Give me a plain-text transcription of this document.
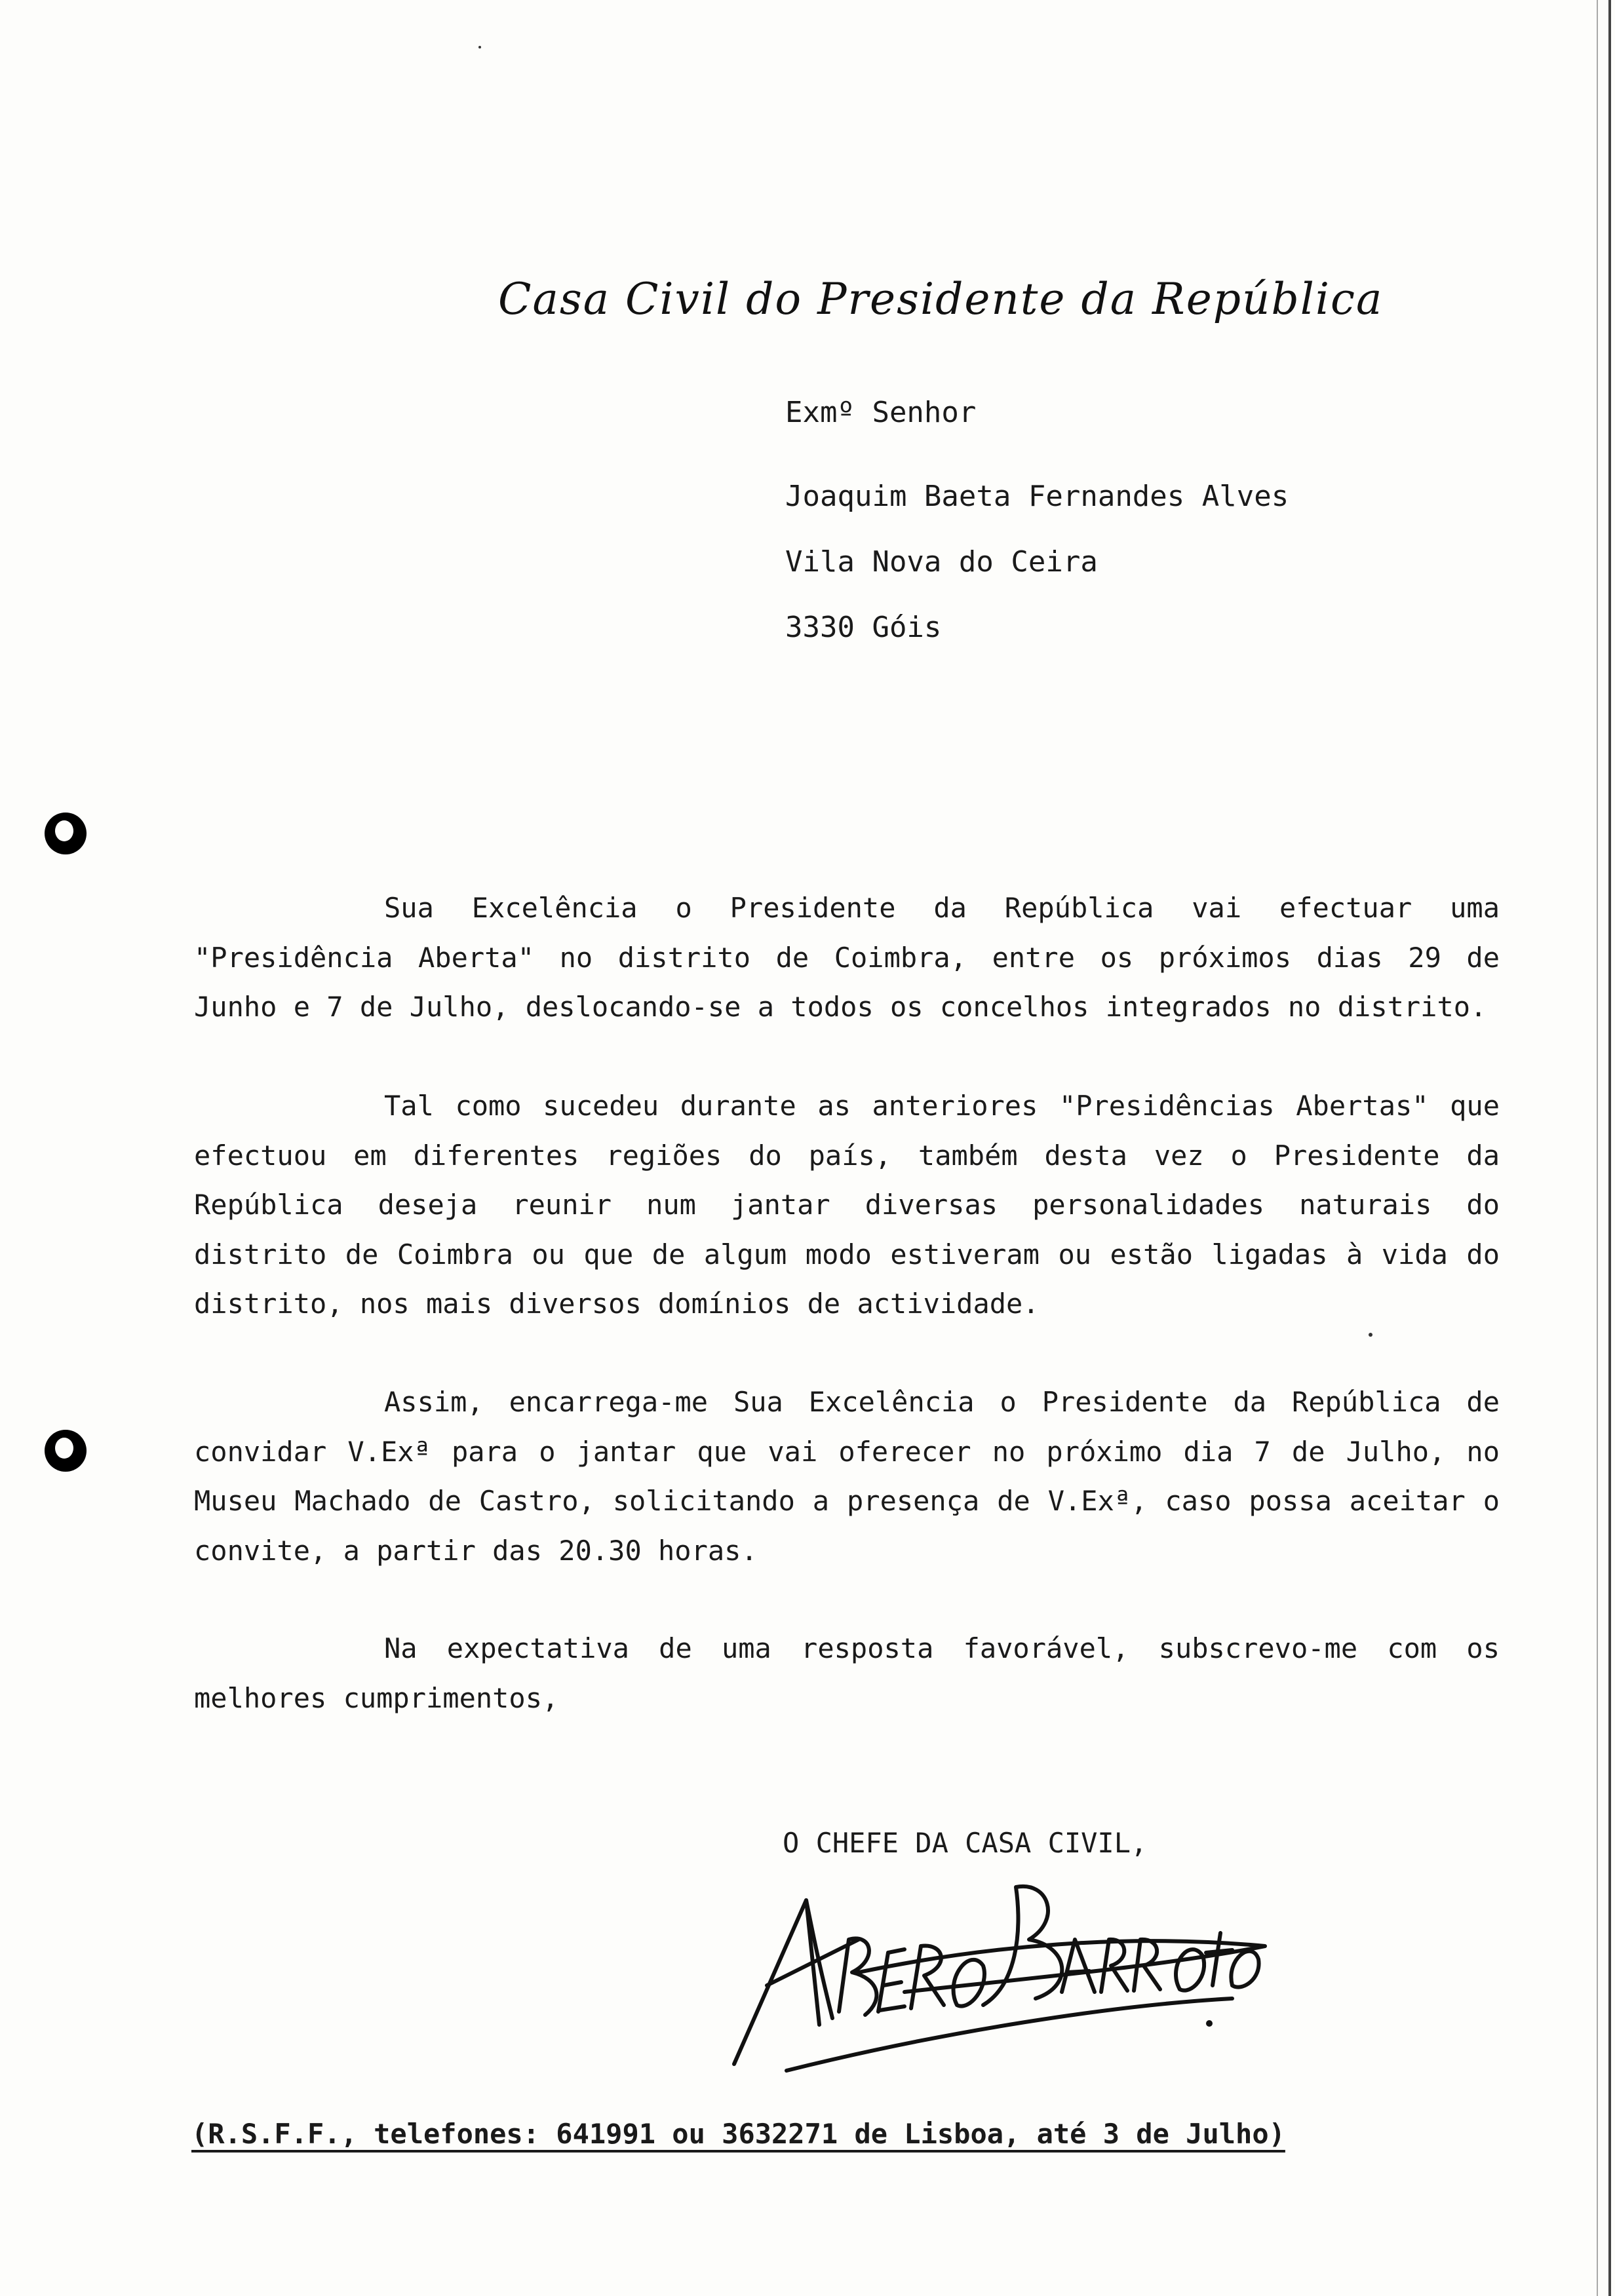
Casa Civil do Presidente da República
Exmº Senhor
Joaquim Baeta Fernandes Alves
Vila Nova do Ceira
3330 Góis
Sua Excelência o Presidente da República vai efectuar uma "Presidência Aberta" no distrito de Coimbra, entre os próximos dias 29 de Junho e 7 de Julho, deslocando-se a todos os concelhos integrados no distrito.
Tal como sucedeu durante as anteriores "Presidências Abertas" que efectuou em diferentes regiões do país, também desta vez o Presidente da República deseja reunir num jantar diversas personalidades naturais do distrito de Coimbra ou que de algum modo estiveram ou estão ligadas à vida do distrito, nos mais diversos domínios de actividade.
Assim, encarrega-me Sua Excelência o Presidente da República de convidar V.Exª para o jantar que vai oferecer no próximo dia 7 de Julho, no Museu Machado de Castro, solicitando a presença de V.Exª, caso possa aceitar o convite, a partir das 20.30 horas.
Na expectativa de uma resposta favorável, subscrevo-me com os melhores cumprimentos,
O CHEFE DA CASA CIVIL,
(R.S.F.F., telefones: 641991 ou 3632271 de Lisboa, até 3 de Julho)
